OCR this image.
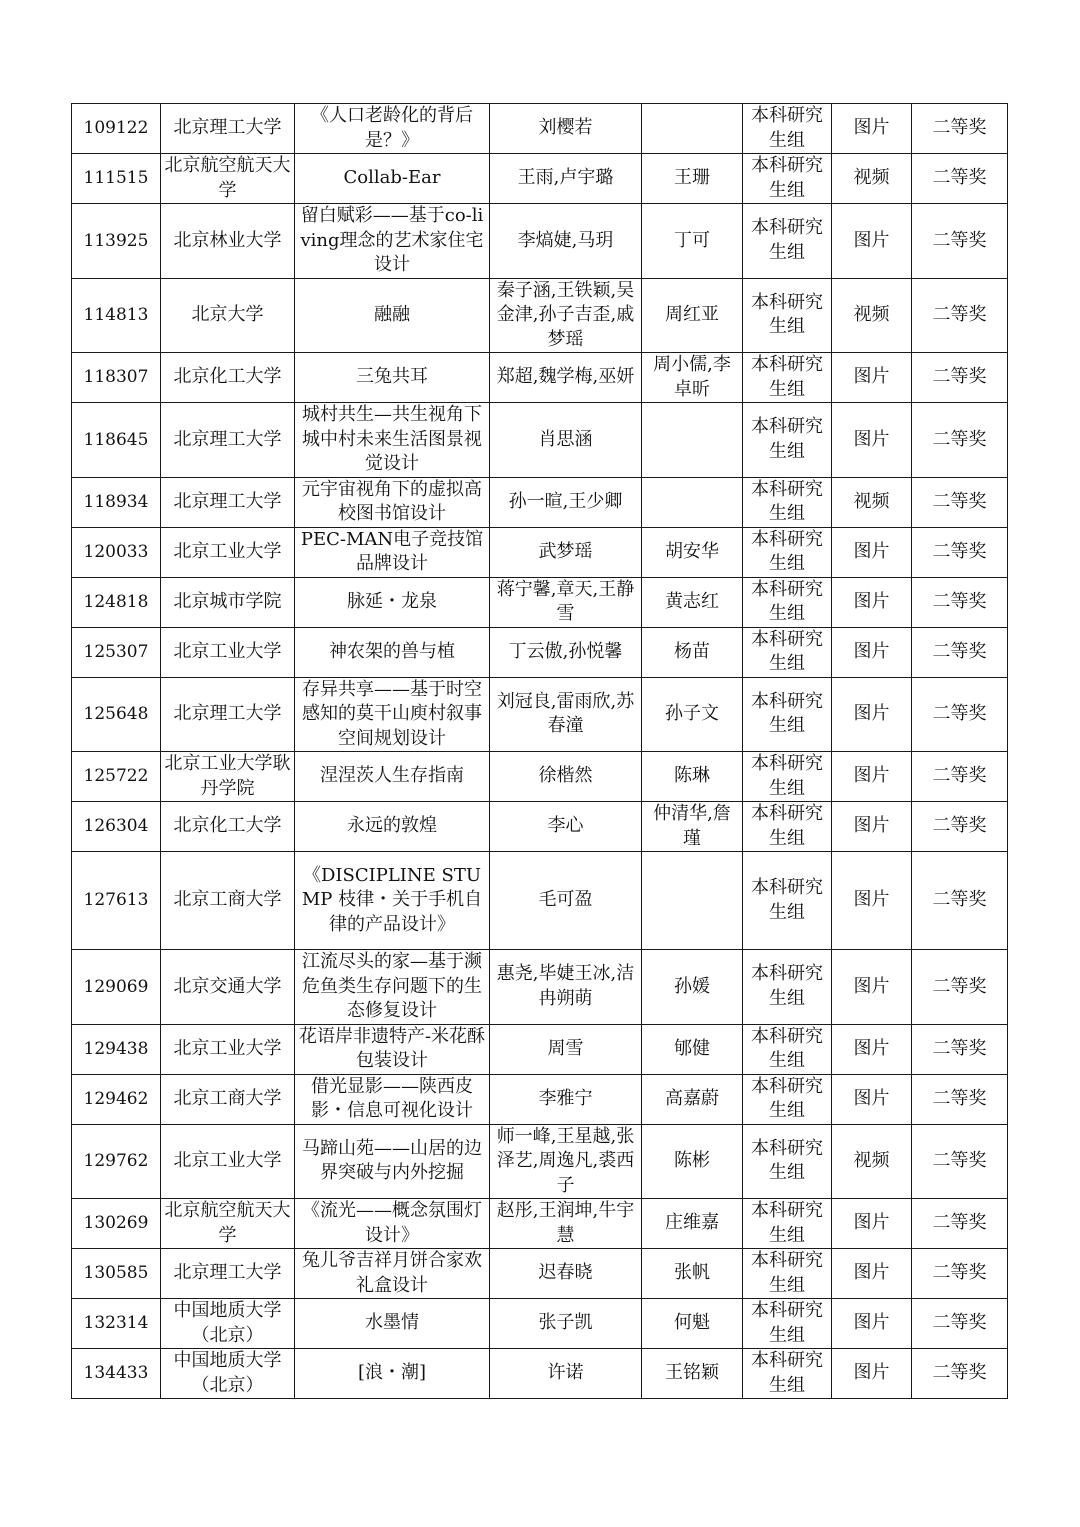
109122	北京理工大学	《人口老龄化的背后是？》	刘樱若		本科研究生组	图片	二等奖
111515	北京航空航天大学	Collab-Ear	王雨,卢宇璐	王珊	本科研究生组	视频	二等奖
113925	北京林业大学	留白赋彩——基于co-living理念的艺术家住宅设计	李熇婕,马玥	丁可	本科研究生组	图片	二等奖
114813	北京大学	融融	秦子涵,王铁颖,吴金津,孙子吉歪,戚梦瑶	周红亚	本科研究生组	视频	二等奖
118307	北京化工大学	三兔共耳	郑超,魏学梅,巫妍	周小儒,李卓昕	本科研究生组	图片	二等奖
118645	北京理工大学	城村共生—共生视角下城中村未来生活图景视觉设计	肖思涵		本科研究生组	图片	二等奖
118934	北京理工大学	元宇宙视角下的虚拟高校图书馆设计	孙一暄,王少卿		本科研究生组	视频	二等奖
120033	北京工业大学	PEC-MAN电子竞技馆品牌设计	武梦瑶	胡安华	本科研究生组	图片	二等奖
124818	北京城市学院	脉延・龙泉	蒋宁馨,章天,王静雪	黄志红	本科研究生组	图片	二等奖
125307	北京工业大学	神农架的兽与植	丁云傲,孙悦馨	杨苗	本科研究生组	图片	二等奖
125648	北京理工大学	存异共享——基于时空感知的莫干山庾村叙事空间规划设计	刘冠良,雷雨欣,苏春潼	孙子文	本科研究生组	图片	二等奖
125722	北京工业大学耿丹学院	涅涅茨人生存指南	徐楷然	陈琳	本科研究生组	图片	二等奖
126304	北京化工大学	永远的敦煌	李心	仲清华,詹瑾	本科研究生组	图片	二等奖
127613	北京工商大学	《DISCIPLINE STUMP 枝律・关于手机自律的产品设计》	毛可盈		本科研究生组	图片	二等奖
129069	北京交通大学	江流尽头的家—基于濒危鱼类生存问题下的生态修复设计	惠尧,毕婕王冰,洁冉朔萌	孙媛	本科研究生组	图片	二等奖
129438	北京工业大学	花语岸非遗特产-米花酥包装设计	周雪	郇健	本科研究生组	图片	二等奖
129462	北京工商大学	借光显影——陕西皮影・信息可视化设计	李雅宁	高嘉蔚	本科研究生组	图片	二等奖
129762	北京工业大学	马蹄山苑——山居的边界突破与内外挖掘	师一峰,王星越,张泽艺,周逸凡,裘西子	陈彬	本科研究生组	视频	二等奖
130269	北京航空航天大学	《流光——概念氛围灯设计》	赵彤,王润坤,牛宇慧	庄维嘉	本科研究生组	图片	二等奖
130585	北京理工大学	兔儿爷吉祥月饼合家欢礼盒设计	迟春晓	张帆	本科研究生组	图片	二等奖
132314	中国地质大学（北京）	水墨情	张子凯	何魁	本科研究生组	图片	二等奖
134433	中国地质大学（北京）	[浪・潮]	许诺	王铭颖	本科研究生组	图片	二等奖
